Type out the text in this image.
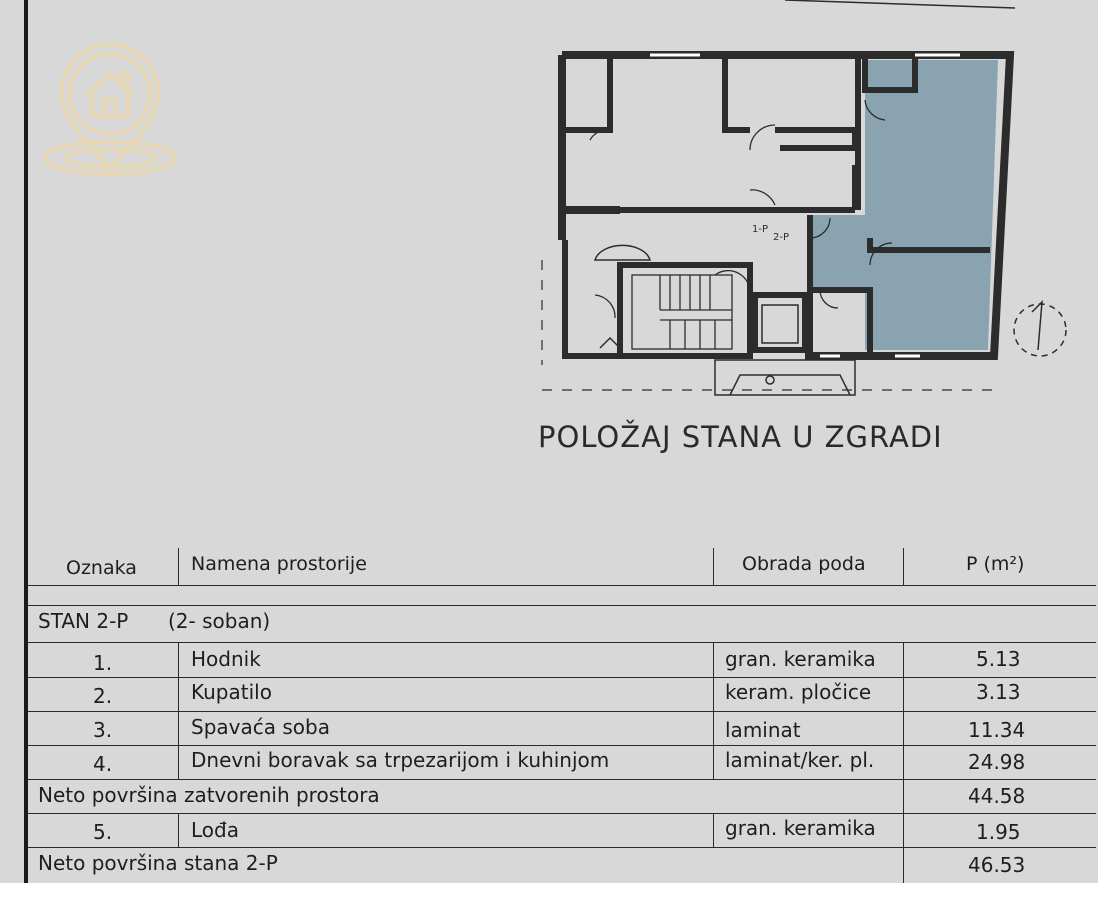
1-P
2-P
POLOŽAJ STANA U ZGRADI
Oznaka	Namena prostorije	Obrada poda	P (m²)
STAN 2-P (2- soban)
1.	Hodnik	gran. keramika	5.13
2.	Kupatilo	keram. pločice	3.13
3.	Spavaća soba	laminat	11.34
4.	Dnevni boravak sa trpezarijom i kuhinjom	laminat/ker. pl.	24.98
Neto površina zatvorenih prostora	44.58
5.	Lođa	gran. keramika	1.95
Neto površina stana 2-P	46.53
